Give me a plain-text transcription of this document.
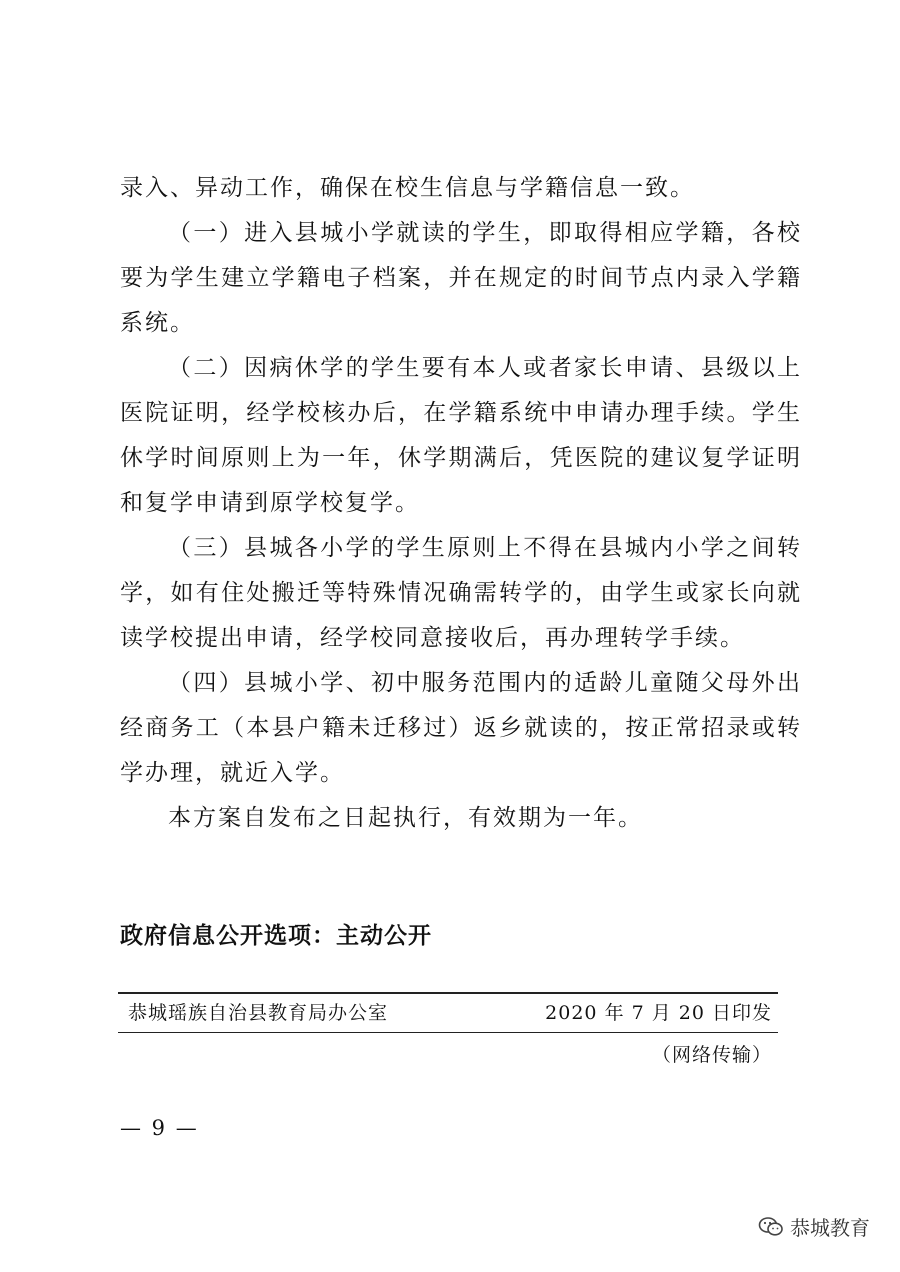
录入、异动工作，确保在校生信息与学籍信息一致。

（一）进入县城小学就读的学生，即取得相应学籍，各校要为学生建立学籍电子档案，并在规定的时间节点内录入学籍系统。

（二）因病休学的学生要有本人或者家长申请、县级以上医院证明，经学校核办后，在学籍系统中申请办理手续。学生休学时间原则上为一年，休学期满后，凭医院的建议复学证明和复学申请到原学校复学。

（三）县城各小学的学生原则上不得在县城内小学之间转学，如有住处搬迁等特殊情况确需转学的，由学生或家长向就读学校提出申请，经学校同意接收后，再办理转学手续。

（四）县城小学、初中服务范围内的适龄儿童随父母外出经商务工（本县户籍未迁移过）返乡就读的，按正常招录或转学办理，就近入学。

本方案自发布之日起执行，有效期为一年。

政府信息公开选项：主动公开
恭城瑶族自治县教育局办公室	2020 年 7 月 20 日印发
（网络传输）
— 9 —
恭城教育
